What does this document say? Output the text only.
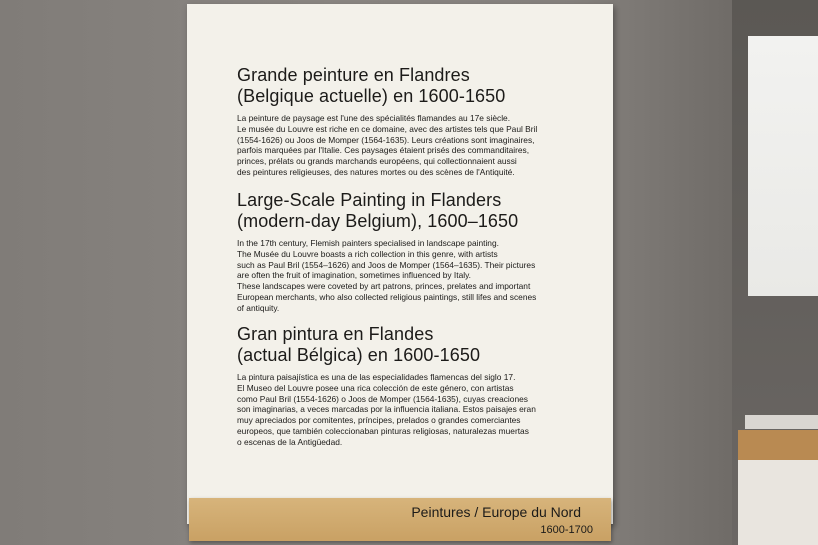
Grande peinture en Flandres

(Belgique actuelle) en 1600-1650

La peinture de paysage est l'une des spécialités flamandes au 17e siècle.

Le musée du Louvre est riche en ce domaine, avec des artistes tels que Paul Bril

(1554-1626) ou Joos de Momper (1564-1635). Leurs créations sont imaginaires,

parfois marquées par l'Italie. Ces paysages étaient prisés des commanditaires,

princes, prélats ou grands marchands européens, qui collectionnaient aussi

des peintures religieuses, des natures mortes ou des scènes de l'Antiquité.

Large-Scale Painting in Flanders

(modern-day Belgium), 1600–1650

In the 17th century, Flemish painters specialised in landscape painting.

The Musée du Louvre boasts a rich collection in this genre, with artists

such as Paul Bril (1554–1626) and Joos de Momper (1564–1635). Their pictures

are often the fruit of imagination, sometimes influenced by Italy.

These landscapes were coveted by art patrons, princes, prelates and important

European merchants, who also collected religious paintings, still lifes and scenes

of antiquity.

Gran pintura en Flandes

(actual Bélgica) en 1600-1650

La pintura paisajística es una de las especialidades flamencas del siglo 17.

El Museo del Louvre posee una rica colección de este género, con artistas

como Paul Bril (1554-1626) o Joos de Momper (1564-1635), cuyas creaciones

son imaginarias, a veces marcadas por la influencia italiana. Estos paisajes eran

muy apreciados por comitentes, príncipes, prelados o grandes comerciantes

europeos, que también coleccionaban pinturas religiosas, naturalezas muertas

o escenas de la Antigüedad.

Peintures / Europe du Nord
1600-1700
